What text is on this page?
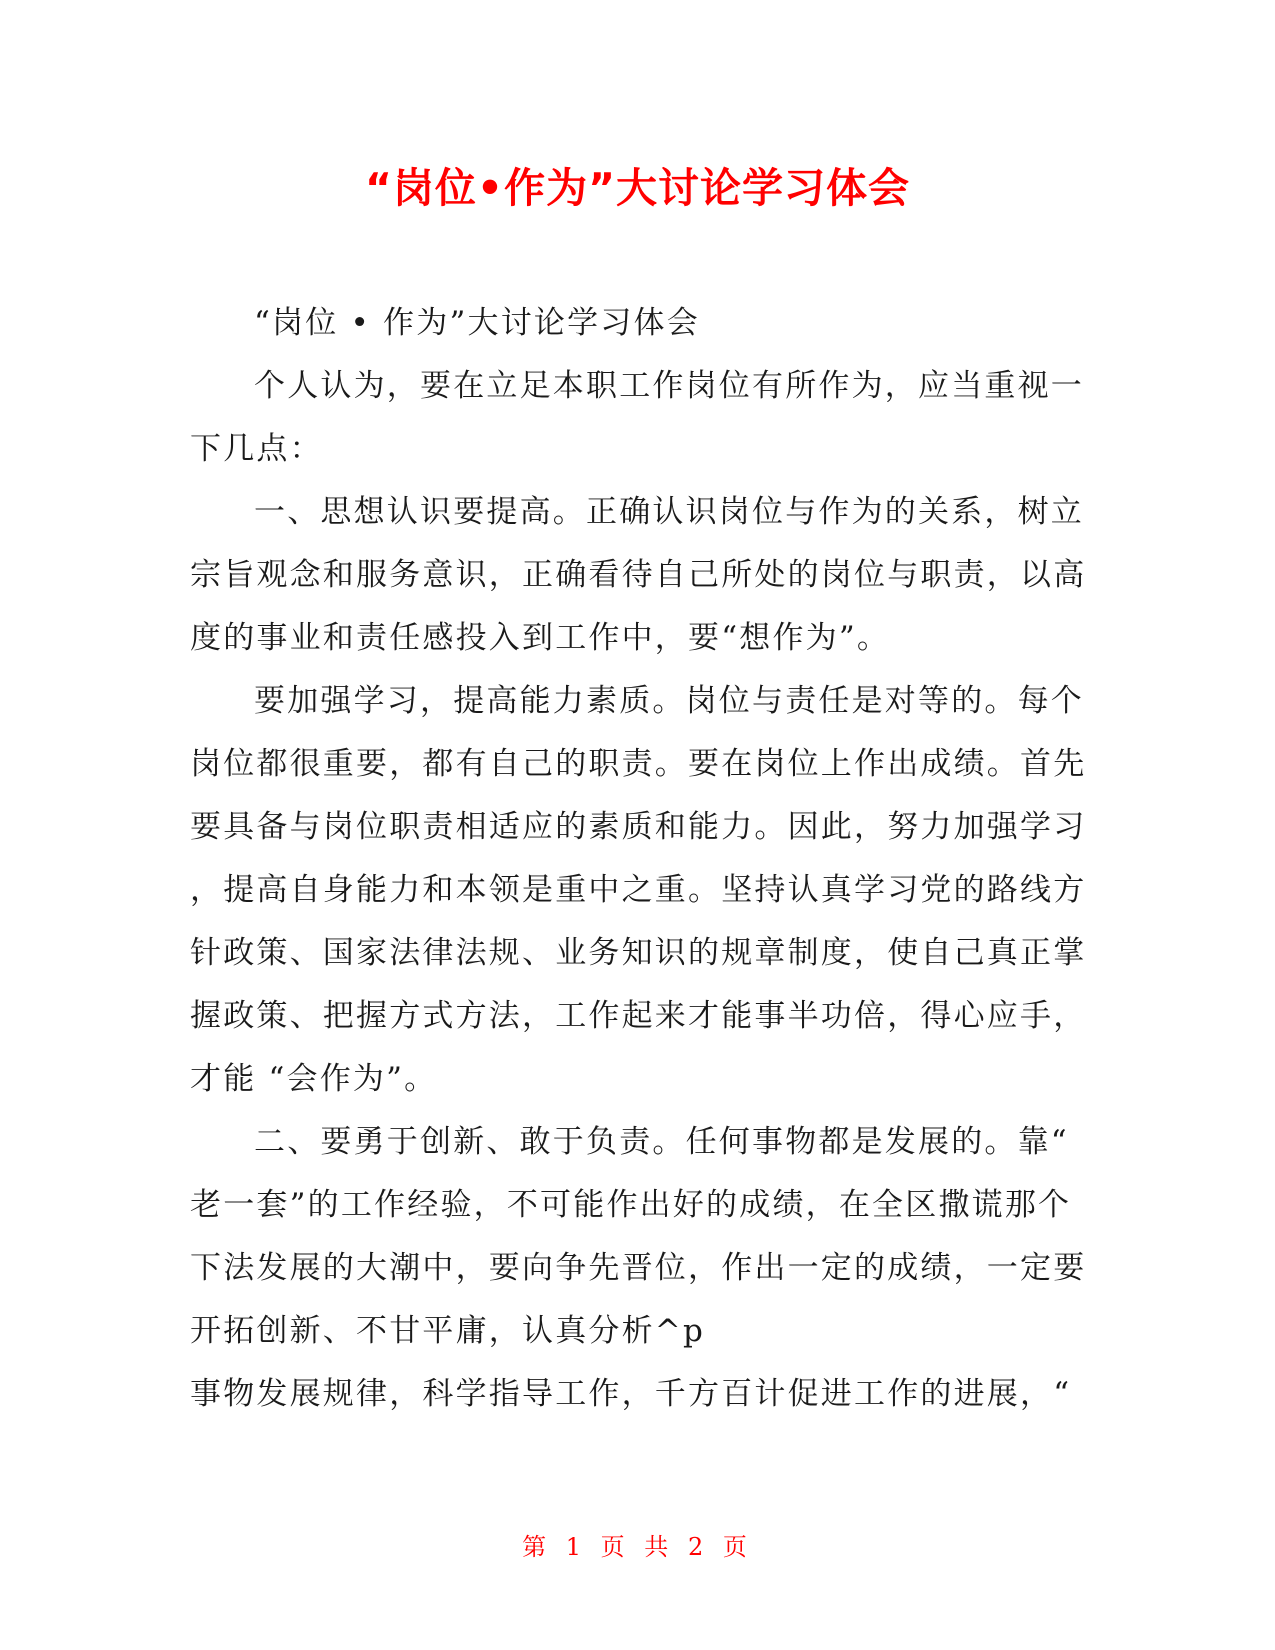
“岗位•作为”大讨论学习体会
“岗位 • 作为”大讨论学习体会
个人认为，要在立足本职工作岗位有所作为，应当重视一
下几点：
一、思想认识要提高。正确认识岗位与作为的关系，树立
宗旨观念和服务意识，正确看待自己所处的岗位与职责，以高
度的事业和责任感投入到工作中，要“想作为”。
要加强学习，提高能力素质。岗位与责任是对等的。每个
岗位都很重要，都有自己的职责。要在岗位上作出成绩。首先
要具备与岗位职责相适应的素质和能力。因此，努力加强学习
，提高自身能力和本领是重中之重。坚持认真学习党的路线方
针政策、国家法律法规、业务知识的规章制度，使自己真正掌
握政策、把握方式方法，工作起来才能事半功倍，得心应手，
才能 “会作为”。
二、要勇于创新、敢于负责。任何事物都是发展的。靠“
老一套”的工作经验，不可能作出好的成绩，在全区撒谎那个
下法发展的大潮中，要向争先晋位，作出一定的成绩，一定要
开拓创新、不甘平庸，认真分析^p
事物发展规律，科学指导工作，千方百计促进工作的进展，“
第 1 页 共 2 页
